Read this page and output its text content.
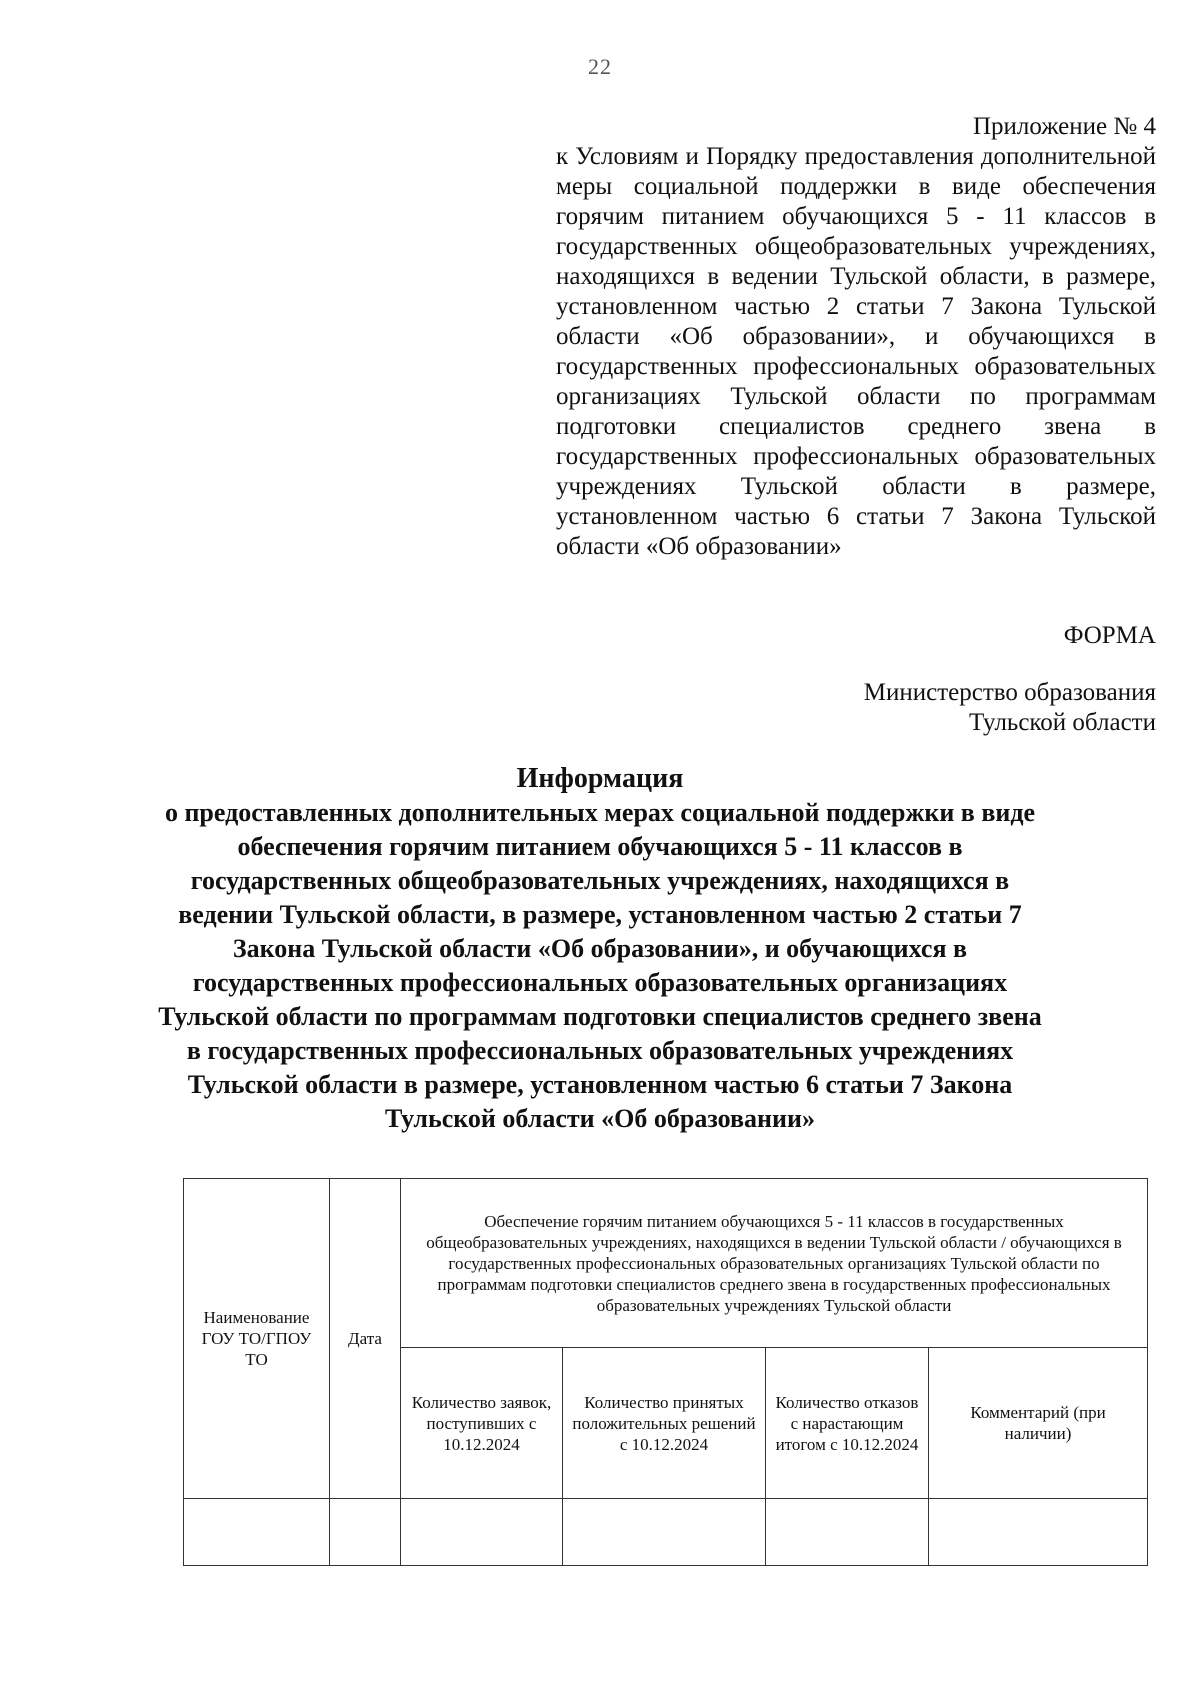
22
Приложение № 4
к Условиям и Порядку предоставления дополнительной меры социальной поддержки в виде обеспечения горячим питанием обучающихся 5 - 11 классов в государственных общеобразовательных учреждениях, находящихся в ведении Тульской области, в размере, установленном частью 2 статьи 7 Закона Тульской области «Об образовании», и обучающихся в государственных профессиональных образовательных организациях Тульской области по программам подготовки специалистов среднего звена в государственных профессиональных образовательных учреждениях Тульской области в размере, установленном частью 6 статьи 7 Закона Тульской области «Об образовании»
ФОРМА
Министерство образования
Тульской области
Информация
о предоставленных дополнительных мерах социальной поддержки в виде обеспечения горячим питанием обучающихся 5 - 11 классов в государственных общеобразовательных учреждениях, находящихся в ведении Тульской области, в размере, установленном частью 2 статьи 7 Закона Тульской области «Об образовании», и обучающихся в государственных профессиональных образовательных организациях Тульской области по программам подготовки специалистов среднего звена в государственных профессиональных образовательных учреждениях Тульской области в размере, установленном частью 6 статьи 7 Закона Тульской области «Об образовании»
Наименование ГОУ ТО/ГПОУ ТО	Дата	Обеспечение горячим питанием обучающихся 5 - 11 классов в государственных общеобразовательных учреждениях, находящихся в ведении Тульской области / обучающихся в государственных профессиональных образовательных организациях Тульской области по программам подготовки специалистов среднего звена в государственных профессиональных образовательных учреждениях Тульской области			
		Количество заявок, поступивших с 10.12.2024	Количество принятых положительных решений с 10.12.2024	Количество отказов с нарастающим итогом с 10.12.2024	Комментарий (при наличии)
